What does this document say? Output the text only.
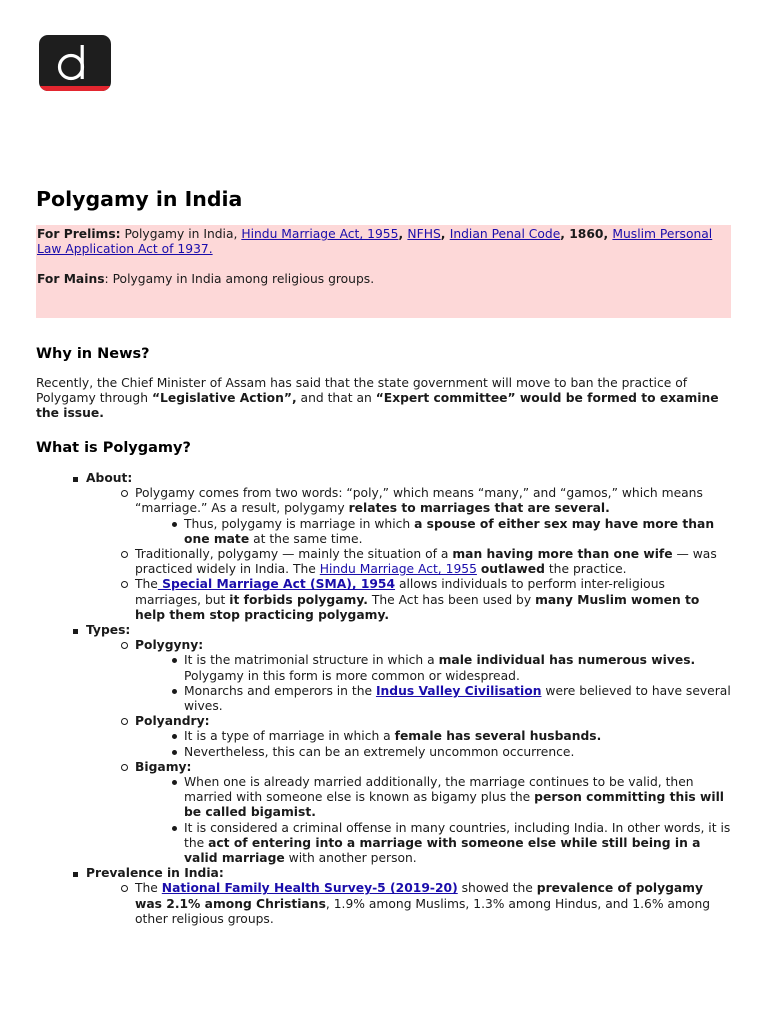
Polygamy in India

For Prelims: Polygamy in India, Hindu Marriage Act, 1955, NFHS, Indian Penal Code, 1860, Muslim Personal Law Application Act of 1937.

For Mains: Polygamy in India among religious groups.

Why in News?

Recently, the Chief Minister of Assam has said that the state government will move to ban the practice of Polygamy through “Legislative Action”, and that an “Expert committee” would be formed to examine the issue.

What is Polygamy?
About:
Polygamy comes from two words: “poly,” which means “many,” and “gamos,” which means “marriage.” As a result, polygamy relates to marriages that are several.
Thus, polygamy is marriage in which a spouse of either sex may have more than one mate at the same time.
Traditionally, polygamy — mainly the situation of a man having more than one wife — was practiced widely in India. The Hindu Marriage Act, 1955 outlawed the practice.
The Special Marriage Act (SMA), 1954 allows individuals to perform inter-religious marriages, but it forbids polygamy. The Act has been used by many Muslim women to help them stop practicing polygamy.
Types:
Polygyny:
It is the matrimonial structure in which a male individual has numerous wives. Polygamy in this form is more common or widespread.
Monarchs and emperors in the Indus Valley Civilisation were believed to have several wives.
Polyandry:
It is a type of marriage in which a female has several husbands.
Nevertheless, this can be an extremely uncommon occurrence.
Bigamy:
When one is already married additionally, the marriage continues to be valid, then married with someone else is known as bigamy plus the person committing this will be called bigamist.
It is considered a criminal offense in many countries, including India. In other words, it is the act of entering into a marriage with someone else while still being in a valid marriage with another person.
Prevalence in India:
The National Family Health Survey-5 (2019-20) showed the prevalence of polygamy was 2.1% among Christians, 1.9% among Muslims, 1.3% among Hindus, and 1.6% among other religious groups.
